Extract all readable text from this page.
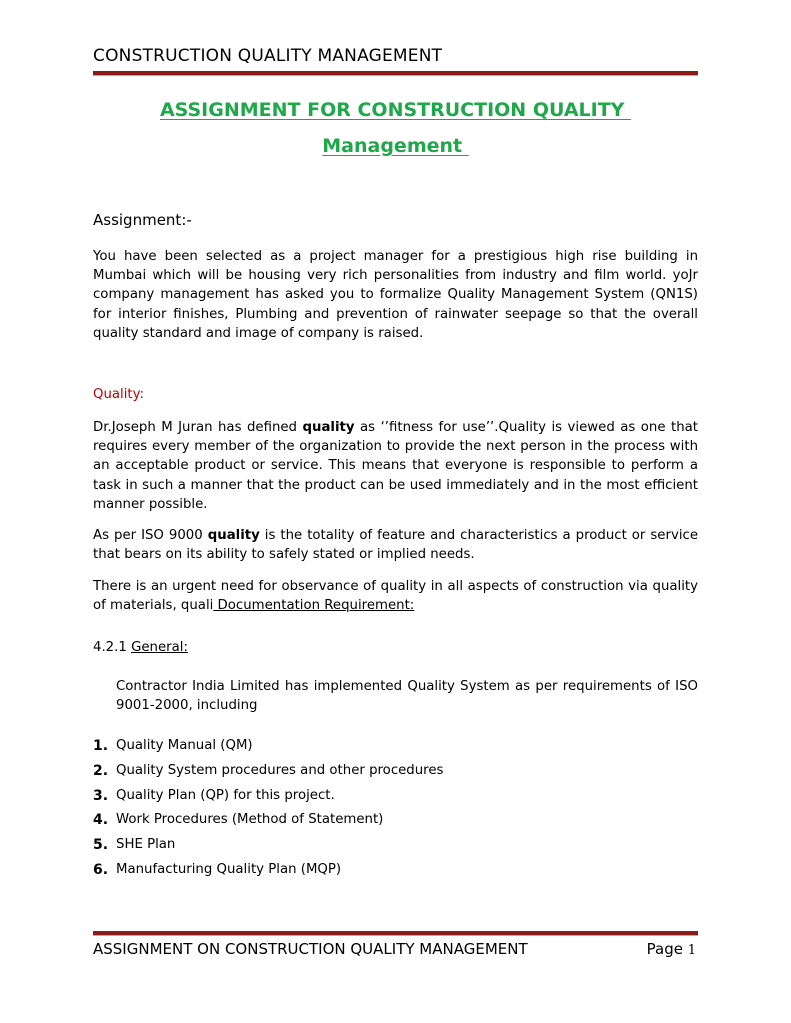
CONSTRUCTION QUALITY MANAGEMENT
ASSIGNMENT FOR CONSTRUCTION QUALITY
Management
Assignment:-

You have been selected as a project manager for a prestigious high rise building in Mumbai which will be housing very rich personalities from industry and film world. yoJr company management has asked you to formalize Quality Management System (QN1S) for interior finishes, Plumbing and prevention of rainwater seepage so that the overall quality standard and image of company is raised.

Quality:

Dr.Joseph M Juran has defined quality as ‘’fitness for use’’.Quality is viewed as one that requires every member of the organization to provide the next person in the process with an acceptable product or service. This means that everyone is responsible to perform a task in such a manner that the product can be used immediately and in the most efficient manner possible.

As per ISO 9000 quality is the totality of feature and characteristics a product or service that bears on its ability to safely stated or implied needs.

There is an urgent need for observance of quality in all aspects of construction via quality of materials, quali Documentation Requirement:

4.2.1 General:

Contractor India Limited has implemented Quality System as per requirements of ISO 9001-2000, including

1. Quality Manual (QM)
2. Quality System procedures and other procedures
3. Quality Plan (QP) for this project.
4. Work Procedures (Method of Statement)
5. SHE Plan
6. Manufacturing Quality Plan (MQP)
ASSIGNMENT ON CONSTRUCTION QUALITY MANAGEMENT	Page 1
